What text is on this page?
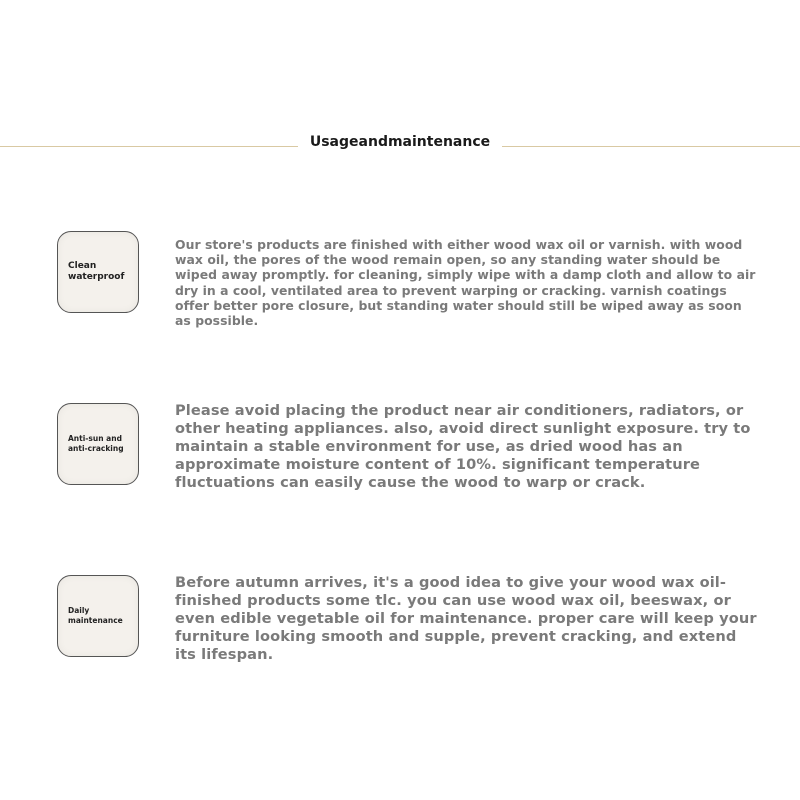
Usageandmaintenance
Clean
waterproof
Our store's products are finished with either wood wax oil or varnish. with wood wax oil, the pores of the wood remain open, so any standing water should be wiped away promptly. for cleaning, simply wipe with a damp cloth and allow to air dry in a cool, ventilated area to prevent warping or cracking. varnish coatings offer better pore closure, but standing water should still be wiped away as soon as possible.
Anti-sun and
anti-cracking
Please avoid placing the product near air conditioners, radiators, or other heating appliances. also, avoid direct sunlight exposure. try to maintain a stable environment for use, as dried wood has an approximate moisture content of 10%. significant temperature fluctuations can easily cause the wood to warp or crack.
Daily
maintenance
Before autumn arrives, it's a good idea to give your wood wax oil-finished products some tlc. you can use wood wax oil, beeswax, or even edible vegetable oil for maintenance. proper care will keep your furniture looking smooth and supple, prevent cracking, and extend its lifespan.
